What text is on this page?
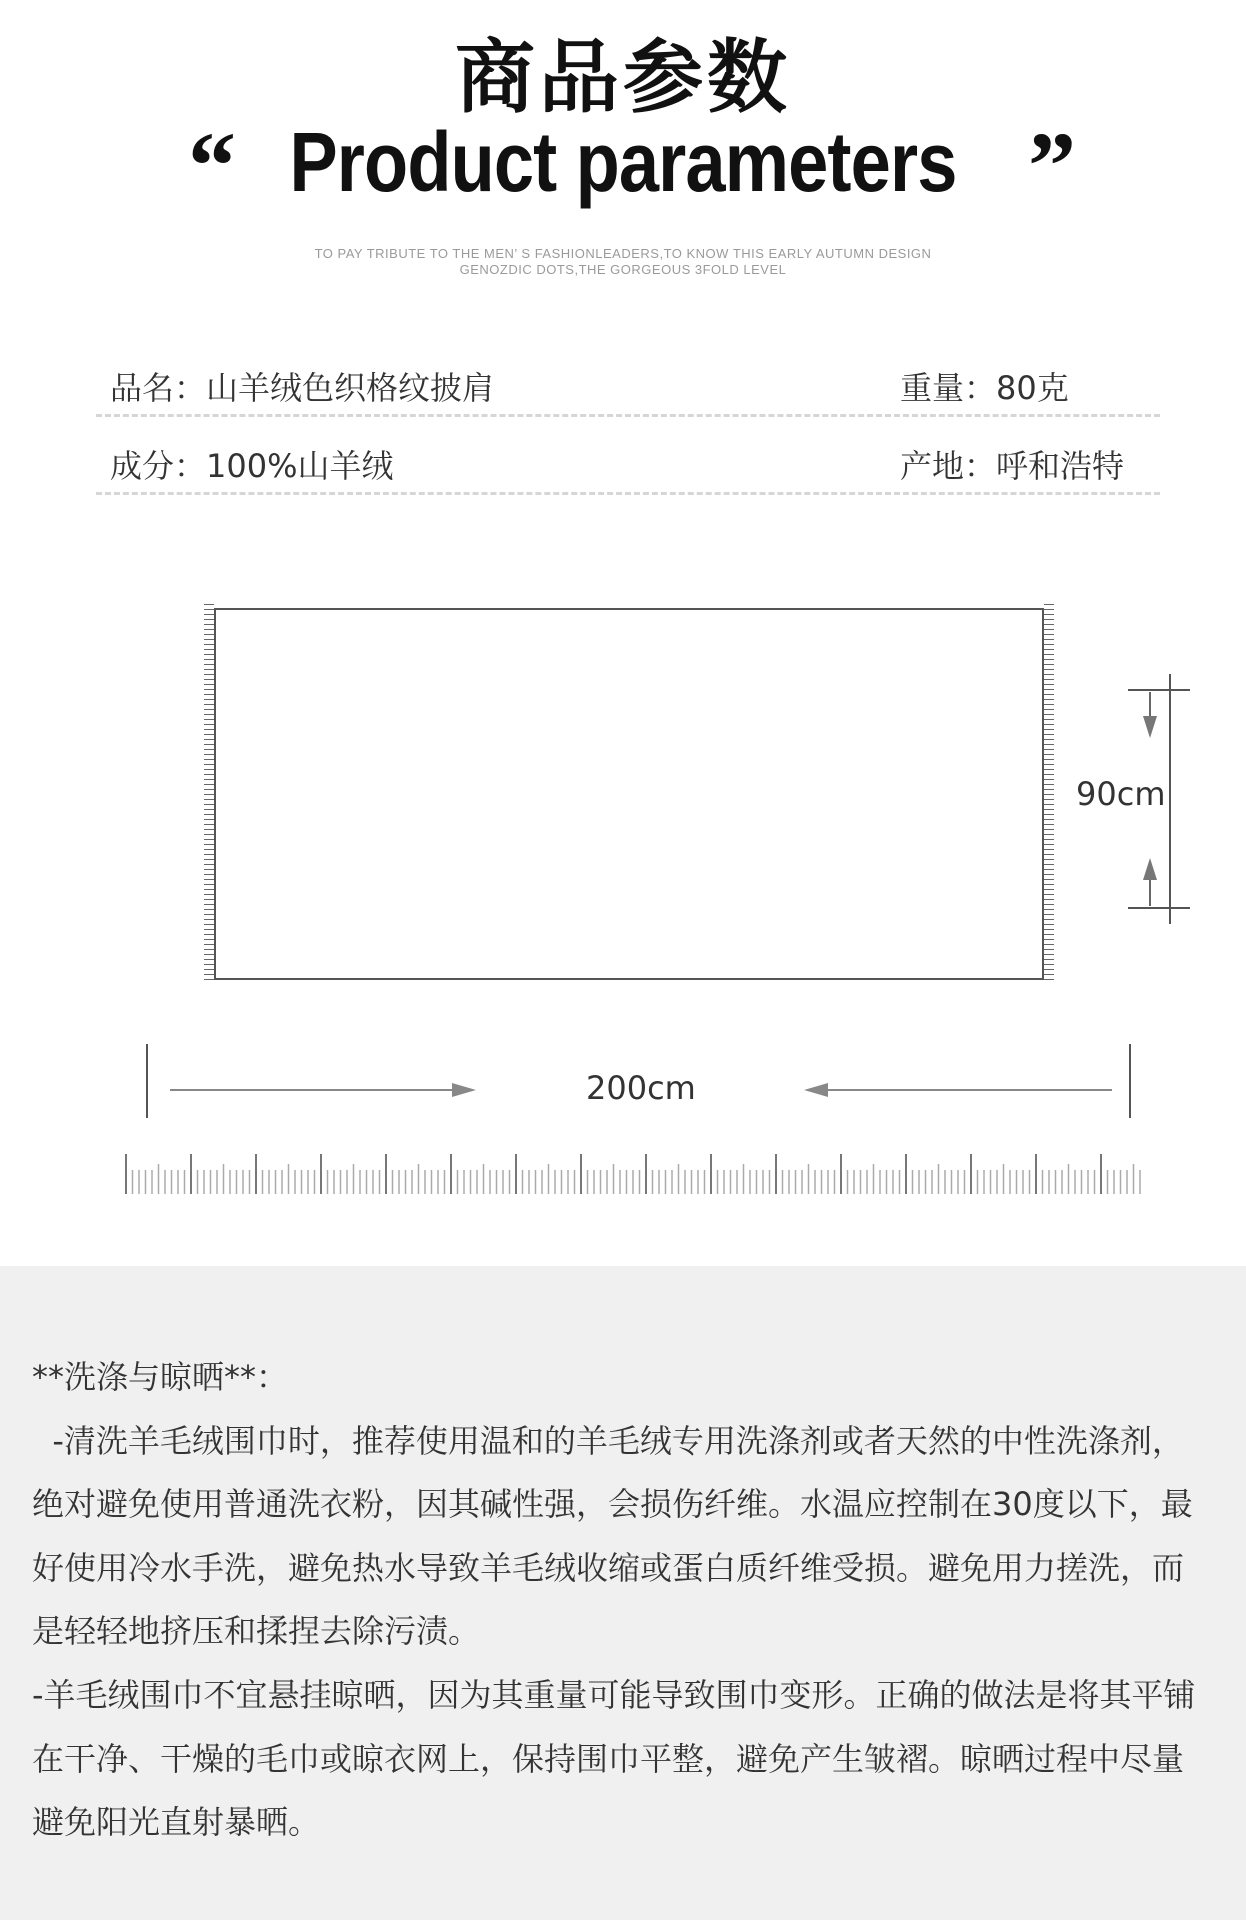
商品参数
“ Product parameters ”
TO PAY TRIBUTE TO THE MEN’ S FASHIONLEADERS,TO KNOW THIS EARLY AUTUMN DESIGN
GENOZDIC DOTS,THE GORGEOUS 3FOLD LEVEL
品名：山羊绒色织格纹披肩	重量：80克
成分：100%山羊绒	产地：呼和浩特
90cm
200cm

**洗涤与晾晒**：

-清洗羊毛绒围巾时，推荐使用温和的羊毛绒专用洗涤剂或者天然的中性洗涤剂，绝对避免使用普通洗衣粉，因其碱性强，会损伤纤维。水温应控制在30度以下，最好使用冷水手洗，避免热水导致羊毛绒收缩或蛋白质纤维受损。避免用力搓洗，而是轻轻地挤压和揉捏去除污渍。

-羊毛绒围巾不宜悬挂晾晒，因为其重量可能导致围巾变形。正确的做法是将其平铺在干净、干燥的毛巾或晾衣网上，保持围巾平整，避免产生皱褶。晾晒过程中尽量避免阳光直射暴晒。
